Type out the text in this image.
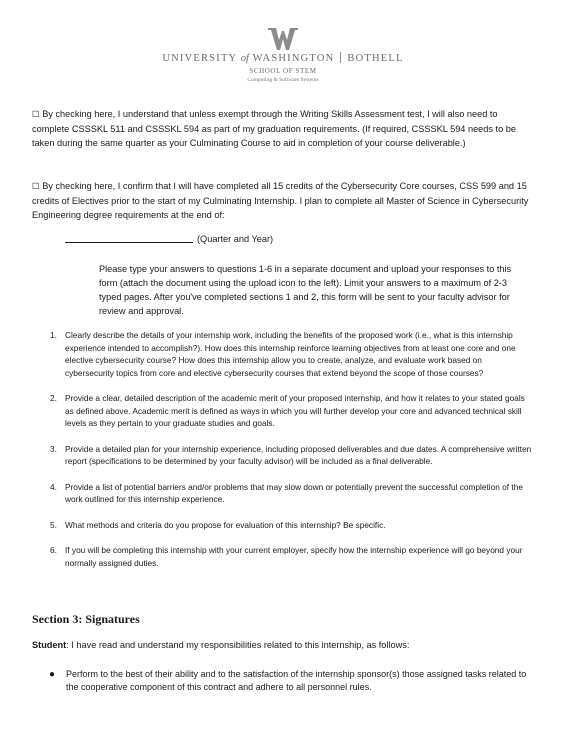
UNIVERSITY of WASHINGTON BOTHELL
SCHOOL OF STEM
Computing & Software Systems
☐ By checking here, I understand that unless exempt through the Writing Skills Assessment test, I will also need to complete CSSSKL 511 and CSSSKL 594 as part of my graduation requirements. (If required, CSSSKL 594 needs to be taken during the same quarter as your Culminating Course to aid in completion of your course deliverable.)
☐ By checking here, I confirm that I will have completed all 15 credits of the Cybersecurity Core courses, CSS 599 and 15 credits of Electives prior to the start of my Culminating Internship. I plan to complete all Master of Science in Cybersecurity Engineering degree requirements at the end of:
(Quarter and Year)
Please type your answers to questions 1-6 in a separate document and upload your responses to this form (attach the document using the upload icon to the left). Limit your answers to a maximum of 2-3 typed pages. After you've completed sections 1 and 2, this form will be sent to your faculty advisor for review and approval.
1. Clearly describe the details of your internship work, including the benefits of the proposed work (i.e., what is this internship experience intended to accomplish?). How does this internship reinforce learning objectives from at least one core and one elective cybersecurity course? How does this internship allow you to create, analyze, and evaluate work based on cybersecurity topics from core and elective cybersecurity courses that extend beyond the scope of those courses?
2. Provide a clear, detailed description of the academic merit of your proposed internship, and how it relates to your stated goals as defined above. Academic merit is defined as ways in which you will further develop your core and advanced technical skill levels as they pertain to your graduate studies and goals.
3. Provide a detailed plan for your internship experience, including proposed deliverables and due dates. A comprehensive written report (specifications to be determined by your faculty advisor) will be included as a final deliverable.
4. Provide a list of potential barriers and/or problems that may slow down or potentially prevent the successful completion of the work outlined for this internship experience.
5. What methods and criteria do you propose for evaluation of this internship? Be specific.
6. If you will be completing this internship with your current employer, specify how the internship experience will go beyond your normally assigned duties.
Section 3: Signatures
Student: I have read and understand my responsibilities related to this internship, as follows:
● Perform to the best of their ability and to the satisfaction of the internship sponsor(s) those assigned tasks related to the cooperative component of this contract and adhere to all personnel rules.
